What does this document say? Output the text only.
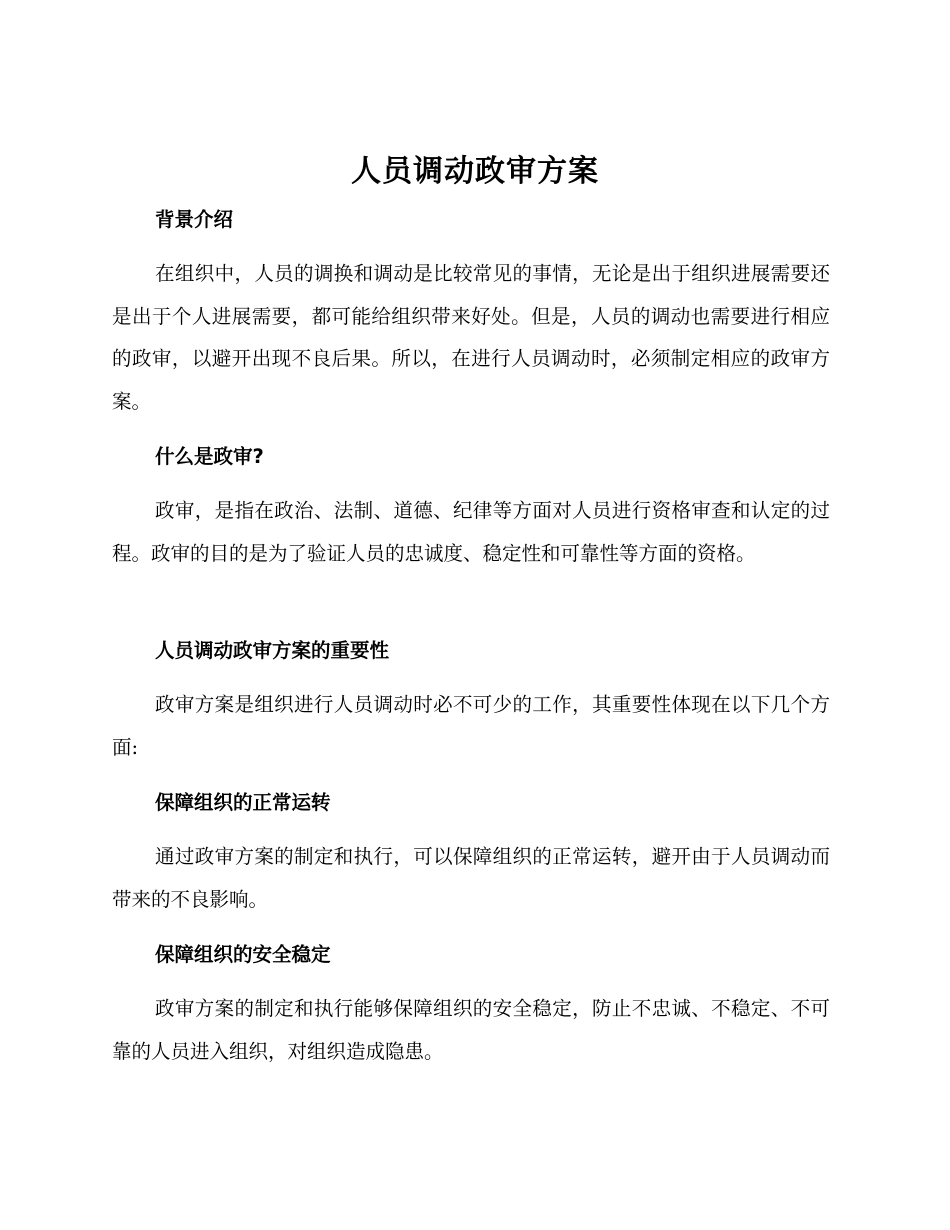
人员调动政审方案
背景介绍

在组织中，人员的调换和调动是比较常见的事情，无论是出于组织进展需要还是出于个人进展需要，都可能给组织带来好处。但是，人员的调动也需要进行相应的政审，以避开出现不良后果。所以，在进行人员调动时，必须制定相应的政审方案。

什么是政审?

政审，是指在政治、法制、道德、纪律等方面对人员进行资格审查和认定的过程。政审的目的是为了验证人员的忠诚度、稳定性和可靠性等方面的资格。

人员调动政审方案的重要性

政审方案是组织进行人员调动时必不可少的工作，其重要性体现在以下几个方面:

保障组织的正常运转

通过政审方案的制定和执行，可以保障组织的正常运转，避开由于人员调动而带来的不良影响。

保障组织的安全稳定

政审方案的制定和执行能够保障组织的安全稳定，防止不忠诚、不稳定、不可靠的人员进入组织，对组织造成隐患。
